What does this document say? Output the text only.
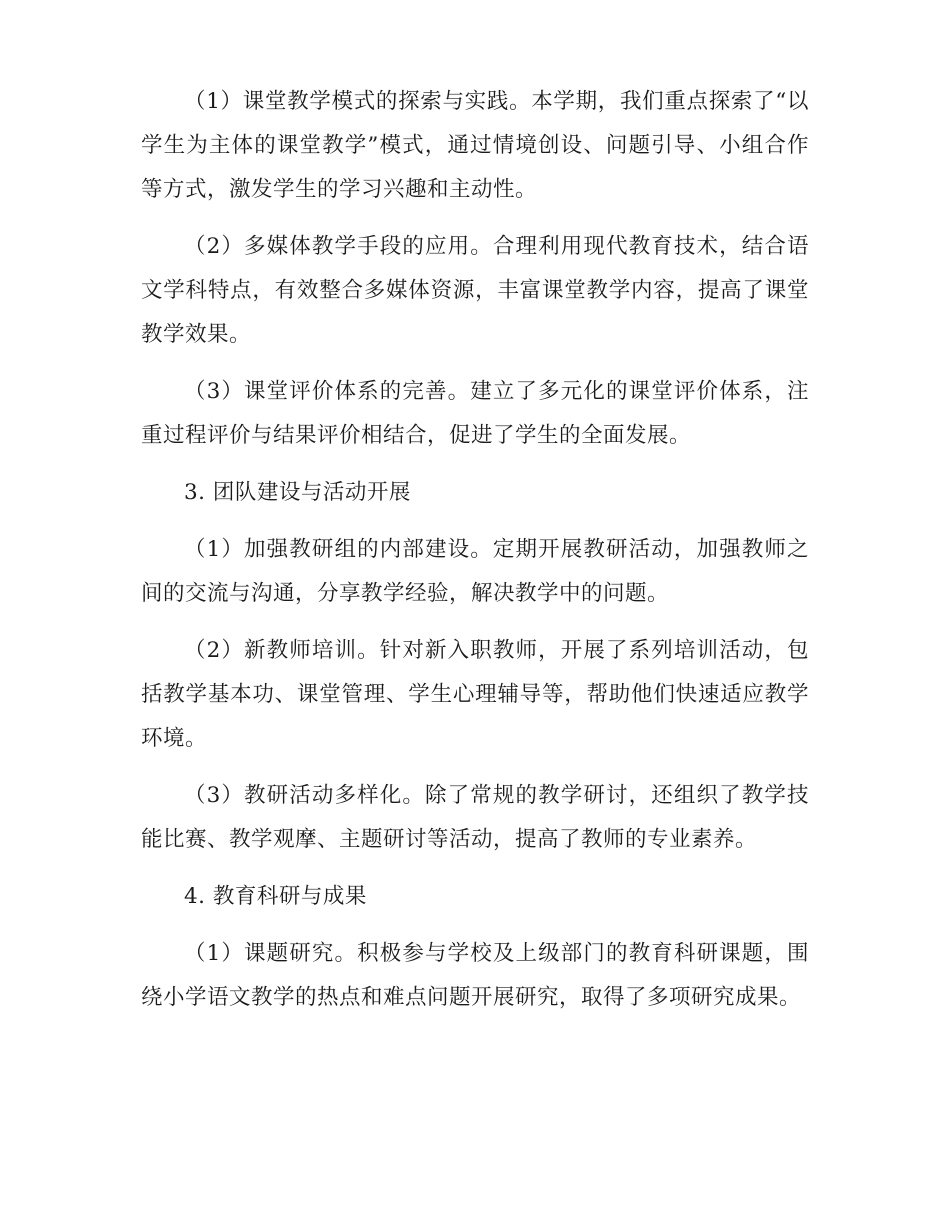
（1）课堂教学模式的探索与实践。本学期，我们重点探索了“以学生为主体的课堂教学”模式，通过情境创设、问题引导、小组合作等方式，激发学生的学习兴趣和主动性。

（2）多媒体教学手段的应用。合理利用现代教育技术，结合语文学科特点，有效整合多媒体资源，丰富课堂教学内容，提高了课堂教学效果。

（3）课堂评价体系的完善。建立了多元化的课堂评价体系，注重过程评价与结果评价相结合，促进了学生的全面发展。

3. 团队建设与活动开展

（1）加强教研组的内部建设。定期开展教研活动，加强教师之间的交流与沟通，分享教学经验，解决教学中的问题。

（2）新教师培训。针对新入职教师，开展了系列培训活动，包括教学基本功、课堂管理、学生心理辅导等，帮助他们快速适应教学环境。

（3）教研活动多样化。除了常规的教学研讨，还组织了教学技能比赛、教学观摩、主题研讨等活动，提高了教师的专业素养。

4. 教育科研与成果

（1）课题研究。积极参与学校及上级部门的教育科研课题，围绕小学语文教学的热点和难点问题开展研究，取得了多项研究成果。
